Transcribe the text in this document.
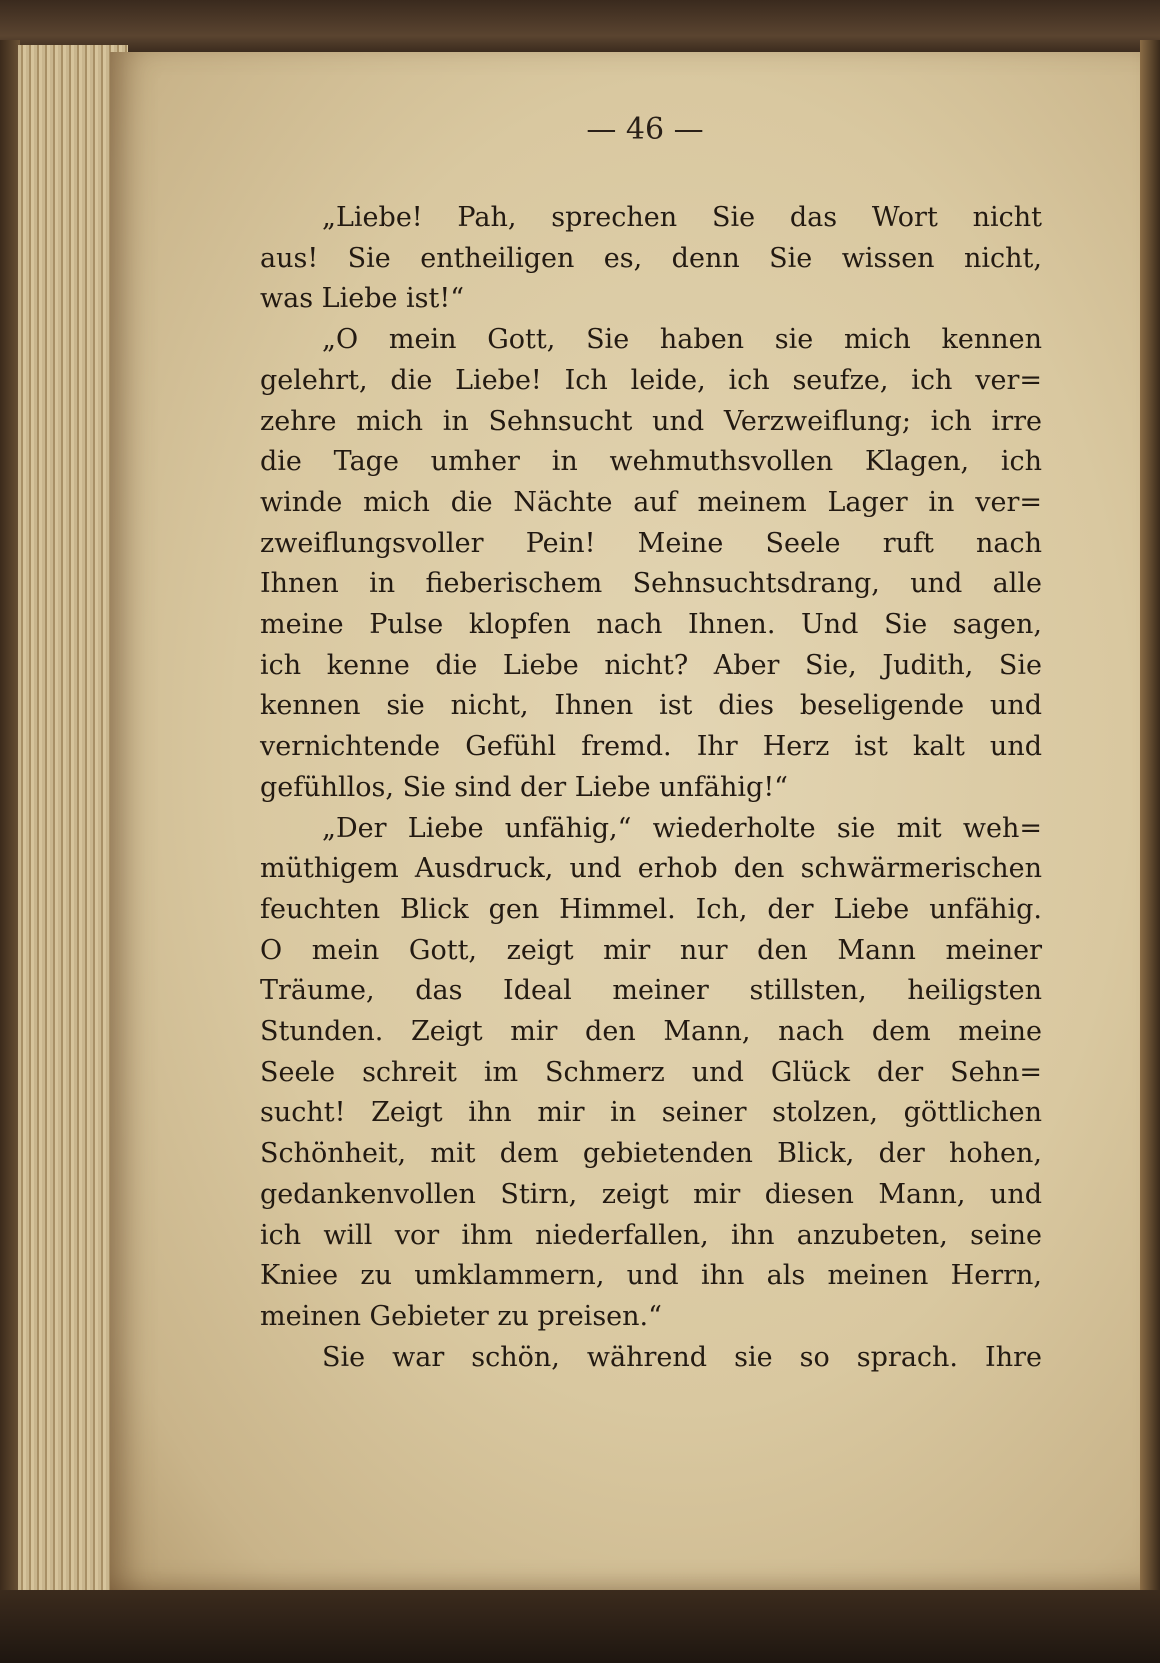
— 46 —
„Liebe! Pah, sprechen Sie das Wort nicht
aus! Sie entheiligen es, denn Sie wissen nicht,
was Liebe ist!“
„O mein Gott, Sie haben sie mich kennen
gelehrt, die Liebe! Ich leide, ich seufze, ich ver=
zehre mich in Sehnsucht und Verzweiflung; ich irre
die Tage umher in wehmuthsvollen Klagen, ich
winde mich die Nächte auf meinem Lager in ver=
zweiflungsvoller Pein! Meine Seele ruft nach
Ihnen in fieberischem Sehnsuchtsdrang, und alle
meine Pulse klopfen nach Ihnen. Und Sie sagen,
ich kenne die Liebe nicht? Aber Sie, Judith, Sie
kennen sie nicht, Ihnen ist dies beseligende und
vernichtende Gefühl fremd. Ihr Herz ist kalt und
gefühllos, Sie sind der Liebe unfähig!“
„Der Liebe unfähig,“ wiederholte sie mit weh=
müthigem Ausdruck, und erhob den schwärmerischen
feuchten Blick gen Himmel. Ich, der Liebe unfähig.
O mein Gott, zeigt mir nur den Mann meiner
Träume, das Ideal meiner stillsten, heiligsten
Stunden. Zeigt mir den Mann, nach dem meine
Seele schreit im Schmerz und Glück der Sehn=
sucht! Zeigt ihn mir in seiner stolzen, göttlichen
Schönheit, mit dem gebietenden Blick, der hohen,
gedankenvollen Stirn, zeigt mir diesen Mann, und
ich will vor ihm niederfallen, ihn anzubeten, seine
Kniee zu umklammern, und ihn als meinen Herrn,
meinen Gebieter zu preisen.“
Sie war schön, während sie so sprach. Ihre
